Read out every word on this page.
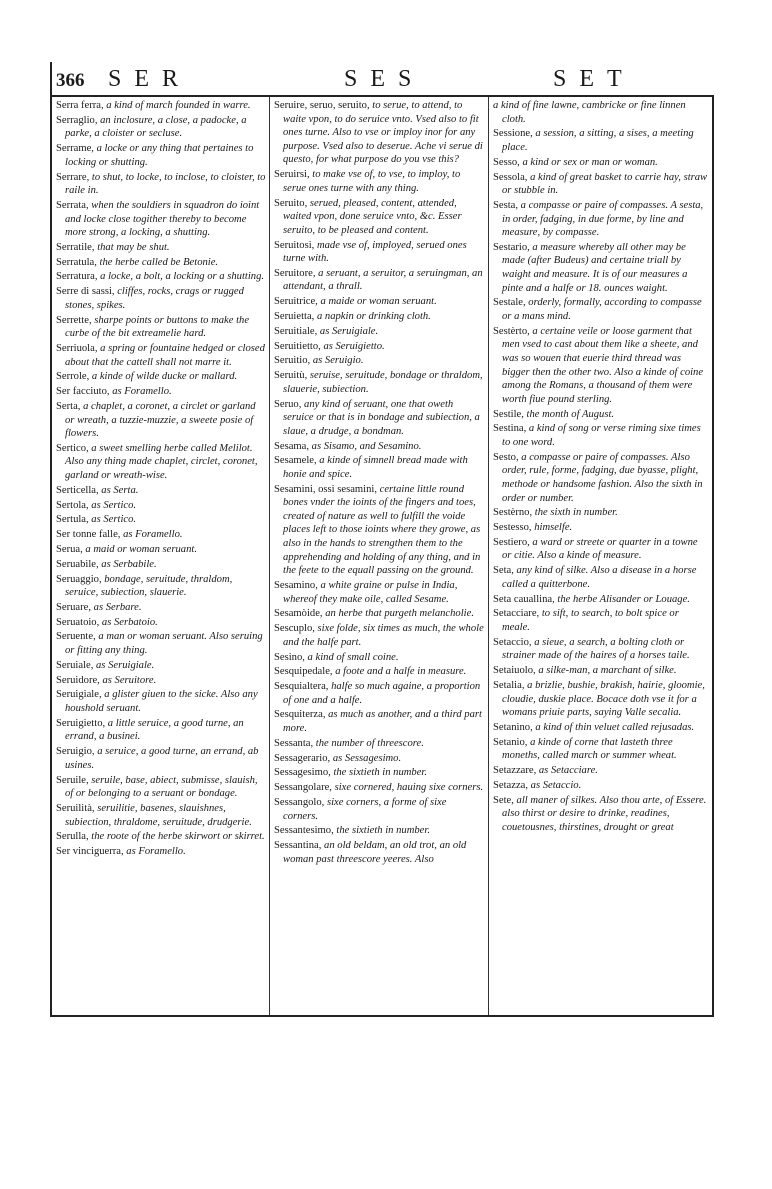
366 SER	SES	SET
Serra ferra, a kind of march founded in warre.
Serraglio, an inclosure, a close, a padocke, a parke, a cloister or secluse.
Serrame, a locke or any thing that pertaines to locking or shutting.
Serrare, to shut, to locke, to inclose, to cloister, to raile in.
Serrata, when the souldiers in squadron do ioint and locke close togither thereby to become more strong, a locking, a shutting.
Serratile, that may be shut.
Serratula, the herbe called be Betonie.
Serratura, a locke, a bolt, a locking or a shutting.
Serre di sassi, cliffes, rocks, crags or rugged stones, spikes.
Serrette, sharpe points or buttons to make the curbe of the bit extreamelie hard.
Serriuola, a spring or fountaine hedged or closed about that the cattell shall not marre it.
Serrole, a kinde of wilde ducke or mallard.
Ser facciuto, as Foramello.
Serta, a chaplet, a coronet, a circlet or garland or wreath, a tuzzie-muzzie, a sweete posie of flowers.
Sertico, a sweet smelling herbe called Melilot. Also any thing made chaplet, circlet, coronet, garland or wreath-wise.
Serticella, as Serta.
Sertola, as Sertico.
Sertula, as Sertico.
Ser tonne falle, as Foramello.
Serua, a maid or woman seruant.
Seruabile, as Serbabile.
Seruaggio, bondage, seruitude, thraldom, seruice, subiection, slauerie.
Seruare, as Serbare.
Seruatoio, as Serbatoio.
Seruente, a man or woman seruant. Also seruing or fitting any thing.
Seruiale, as Seruigiale.
Seruidore, as Seruitore.
Seruigiale, a glister giuen to the sicke. Also any houshold seruant.
Seruigietto, a little seruice, a good turne, an errand, a businei.
Seruigio, a seruice, a good turne, an errand, ab usines.
Seruile, seruile, base, abiect, submisse, slauish, of or belonging to a seruant or bondage.
Seruilità, seruilitie, basenes, slauishnes, subiection, thraldome, seruitude, drudgerie.
Serulla, the roote of the herbe skirwort or skirret.
Ser vinciguerra, as Foramello.
Seruire, seruo, seruito, to serue, to attend, to waite vpon, to do seruice vnto. Vsed also to fit ones turne. Also to vse or imploy inor for any purpose. Vsed also to deserue. Ache vi serue di questo, for what purpose do you vse this?
Seruirsi, to make vse of, to vse, to imploy, to serue ones turne with any thing.
Seruito, serued, pleased, content, attended, waited vpon, done seruice vnto, &c. Esser seruito, to be pleased and content.
Seruitosi, made vse of, imployed, serued ones turne with.
Seruitore, a seruant, a seruitor, a seruingman, an attendant, a thrall.
Seruitrice, a maide or woman seruant.
Seruietta, a napkin or drinking cloth.
Seruitiale, as Seruigiale.
Seruitietto, as Seruigietto.
Seruitio, as Seruigio.
Seruitù, seruise, seruitude, bondage or thraldom, slauerie, subiection.
Seruo, any kind of seruant, one that oweth seruice or that is in bondage and subiection, a slaue, a drudge, a bondman.
Sesama, as Sisamo, and Sesamino.
Sesamele, a kinde of simnell bread made with honie and spice.
Sesamini, ossi sesamini, certaine little round bones vnder the ioints of the fingers and toes, created of nature as well to fulfill the voide places left to those ioints where they growe, as also in the hands to strengthen them to the apprehending and holding of any thing, and in the feete to the equall passing on the ground.
Sesamino, a white graine or pulse in India, whereof they make oile, called Sesame.
Sesamòide, an herbe that purgeth melancholie.
Sescuplo, sixe folde, six times as much, the whole and the halfe part.
Sesino, a kind of small coine.
Sesquipedale, a foote and a halfe in measure.
Sesquialtera, halfe so much againe, a proportion of one and a halfe.
Sesquiterza, as much as another, and a third part more.
Sessanta, the number of threescore.
Sessagerario, as Sessagesimo.
Sessagesimo, the sixtieth in number.
Sessangolare, sixe cornered, hauing sixe corners.
Sessangolo, sixe corners, a forme of sixe corners.
Sessantesimo, the sixtieth in number.
Sessantina, an old beldam, an old trot, an old woman past threescore yeeres. Also
a kind of fine lawne, cambricke or fine linnen cloth.
Sessione, a session, a sitting, a sises, a meeting place.
Sesso, a kind or sex or man or woman.
Sessola, a kind of great basket to carrie hay, straw or stubble in.
Sesta, a compasse or paire of compasses. A sesta, in order, fadging, in due forme, by line and measure, by compasse.
Sestario, a measure whereby all other may be made (after Budeus) and certaine triall by waight and measure. It is of our measures a pinte and a halfe or 18. ounces waight.
Sestale, orderly, formally, according to compasse or a mans mind.
Sestèrto, a certaine veile or loose garment that men vsed to cast about them like a sheete, and was so wouen that euerie third thread was bigger then the other two. Also a kinde of coine among the Romans, a thousand of them were worth fiue pound sterling.
Sestile, the month of August.
Sestina, a kind of song or verse riming sixe times to one word.
Sesto, a compasse or paire of compasses. Also order, rule, forme, fadging, due byasse, plight, methode or handsome fashion. Also the sixth in order or number.
Sestèrno, the sixth in number.
Sestesso, himselfe.
Sestiero, a ward or streete or quarter in a towne or citie. Also a kinde of measure.
Seta, any kind of silke. Also a disease in a horse called a quitterbone.
Seta cauallina, the herbe Alisander or Louage.
Setacciare, to sift, to search, to bolt spice or meale.
Setaccio, a sieue, a search, a bolting cloth or strainer made of the haires of a horses taile.
Setaiuolo, a silke-man, a marchant of silke.
Setalia, a brizlie, bushie, brakish, hairie, gloomie, cloudie, duskie place. Bocace doth vse it for a womans priuie parts, saying Valle secalia.
Setanino, a kind of thin veluet called rejusadas.
Setanio, a kinde of corne that lasteth three moneths, called march or summer wheat.
Setazzare, as Setacciare.
Setazza, as Setaccio.
Sete, all maner of silkes. Also thou arte, of Essere. also thirst or desire to drinke, readines, couetousnes, thirstines, drought or great
